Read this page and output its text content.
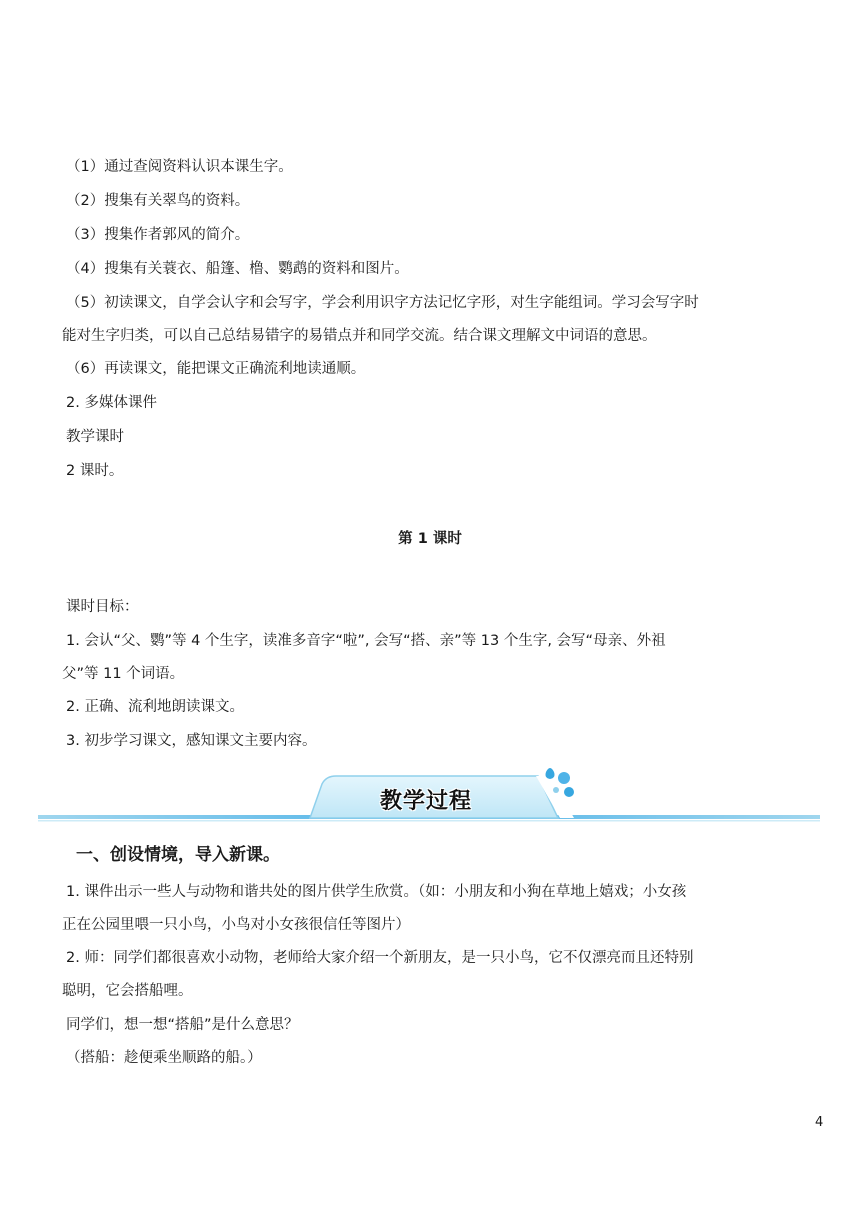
（1）通过查阅资料认识本课生字。
（2）搜集有关翠鸟的资料。
（3）搜集作者郭风的简介。
（4）搜集有关蓑衣、船篷、橹、鹦鹉的资料和图片。
（5）初读课文，自学会认字和会写字，学会利用识字方法记忆字形，对生字能组词。学习会写字时
能对生字归类，可以自己总结易错字的易错点并和同学交流。结合课文理解文中词语的意思。
（6）再读课文，能把课文正确流利地读通顺。
2. 多媒体课件
教学课时
2 课时。
第 1 课时
课时目标：
1. 会认“父、鹦”等 4 个生字，读准多音字“啦”, 会写“搭、亲”等 13 个生字, 会写“母亲、外祖
父”等 11 个词语。
2. 正确、流利地朗读课文。
3. 初步学习课文，感知课文主要内容。
教学过程
一、创设情境，导入新课。
1. 课件出示一些人与动物和谐共处的图片供学生欣赏。（如：小朋友和小狗在草地上嬉戏；小女孩
正在公园里喂一只小鸟，小鸟对小女孩很信任等图片）
2. 师：同学们都很喜欢小动物，老师给大家介绍一个新朋友，是一只小鸟，它不仅漂亮而且还特别
聪明，它会搭船哩。
同学们，想一想“搭船”是什么意思？
（搭船：趁便乘坐顺路的船。）
4
